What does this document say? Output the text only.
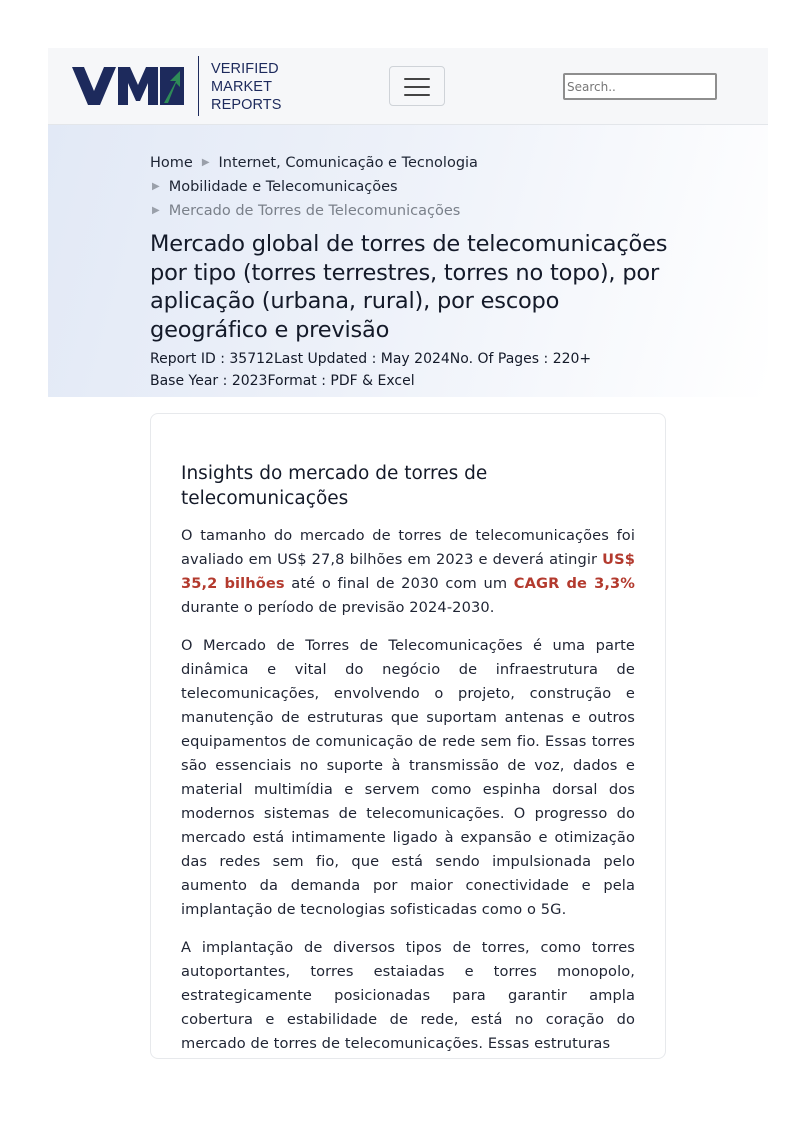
VERIFIED
MARKET
REPORTS
Search..
Home ▶ Internet, Comunicação e Tecnologia
▶ Mobilidade e Telecomunicações
▶ Mercado de Torres de Telecomunicações
Mercado global de torres de telecomunicações por tipo (torres terrestres, torres no topo), por aplicação (urbana, rural), por escopo geográfico e previsão
Report ID : 35712Last Updated : May 2024No. Of Pages : 220+
Base Year : 2023Format : PDF & Excel
Insights do mercado de torres de telecomunicações

O tamanho do mercado de torres de telecomunicações foi avaliado em US$ 27,8 bilhões em 2023 e deverá atingir US$ 35,2 bilhões até o final de 2030 com um CAGR de 3,3% durante o período de previsão 2024-2030.

O Mercado de Torres de Telecomunicações é uma parte dinâmica e vital do negócio de infraestrutura de telecomunicações, envolvendo o projeto, construção e manutenção de estruturas que suportam antenas e outros equipamentos de comunicação de rede sem fio. Essas torres são essenciais no suporte à transmissão de voz, dados e material multimídia e servem como espinha dorsal dos modernos sistemas de telecomunicações. O progresso do mercado está intimamente ligado à expansão e otimização das redes sem fio, que está sendo impulsionada pelo aumento da demanda por maior conectividade e pela implantação de tecnologias sofisticadas como o 5G.

A implantação de diversos tipos de torres, como torres autoportantes, torres estaiadas e torres monopolo, estrategicamente posicionadas para garantir ampla cobertura e estabilidade de rede, está no coração do mercado de torres de telecomunicações. Essas estruturas
